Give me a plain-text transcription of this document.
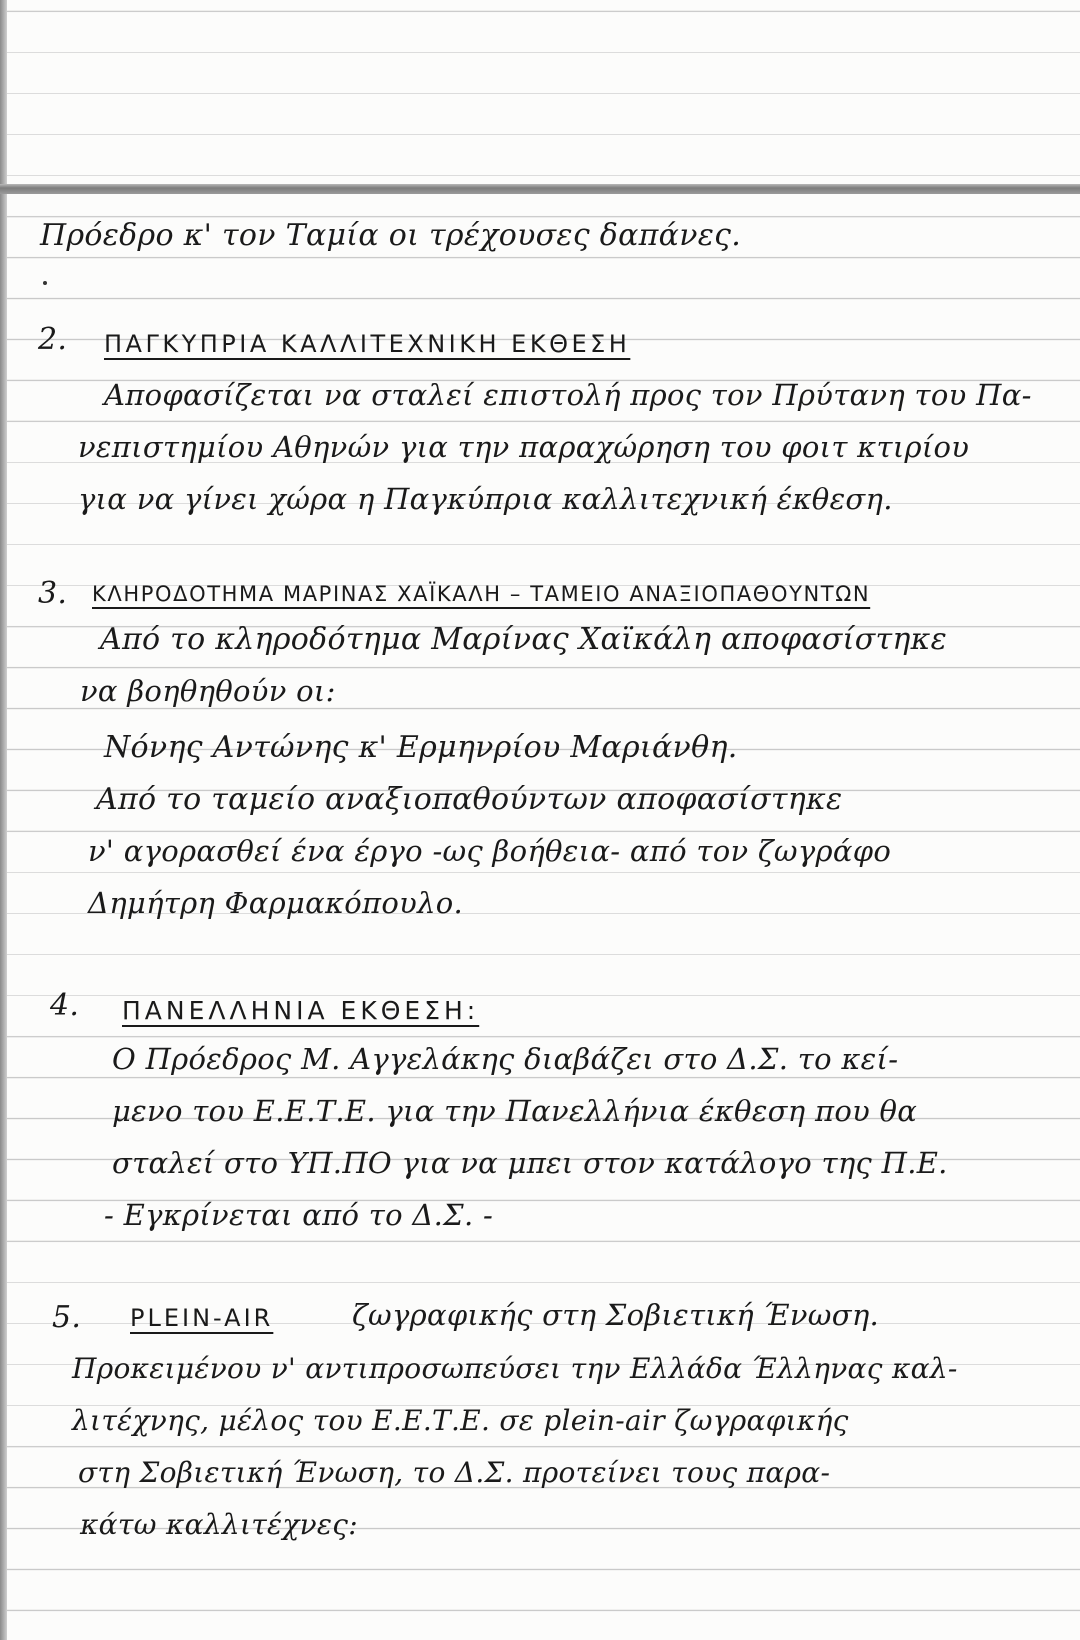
Πρόεδρο κ' τον Ταμία οι τρέχουσες δαπάνες.
2. ΠΑΓΚΥΠΡΙΑ ΚΑΛΛΙΤΕΧΝΙΚΗ ΕΚΘΕΣΗ
Αποφασίζεται να σταλεί επιστολή προς τον Πρύτανη του Πα-
νεπιστημίου Αθηνών για την παραχώρηση του φοιτ κτιρίου
για να γίνει χώρα η Παγκύπρια καλλιτεχνική έκθεση.
3. ΚΛΗΡΟΔΟΤΗΜΑ ΜΑΡΙΝΑΣ ΧΑΪΚΑΛΗ – ΤΑΜΕΙΟ ΑΝΑΞΙΟΠΑΘΟΥΝΤΩΝ
Από το κληροδότημα Μαρίνας Χαϊκάλη αποφασίστηκε
να βοηθηθούν οι:
Νόνης Αντώνης κ' Ερμηνρίου Μαριάνθη.
Από το ταμείο αναξιοπαθούντων αποφασίστηκε
ν' αγορασθεί ένα έργο -ως βοήθεια- από τον ζωγράφο
Δημήτρη Φαρμακόπουλο.
4. ΠΑΝΕΛΛΗΝΙΑ ΕΚΘΕΣΗ:
Ο Πρόεδρος Μ. Αγγελάκης διαβάζει στο Δ.Σ. το κεί-
μενο του Ε.Ε.Τ.Ε. για την Πανελλήνια έκθεση που θα
σταλεί στο ΥΠ.ΠΟ για να μπει στον κατάλογο της Π.Ε.
- Εγκρίνεται από το Δ.Σ. -
5. PLEIN-AIR	ζωγραφικής στη Σοβιετική Ένωση.
Προκειμένου ν' αντιπροσωπεύσει την Ελλάδα Έλληνας καλ-
λιτέχνης, μέλος του Ε.Ε.Τ.Ε. σε plein-air ζωγραφικής
στη Σοβιετική Ένωση, το Δ.Σ. προτείνει τους παρα-
κάτω καλλιτέχνες:
